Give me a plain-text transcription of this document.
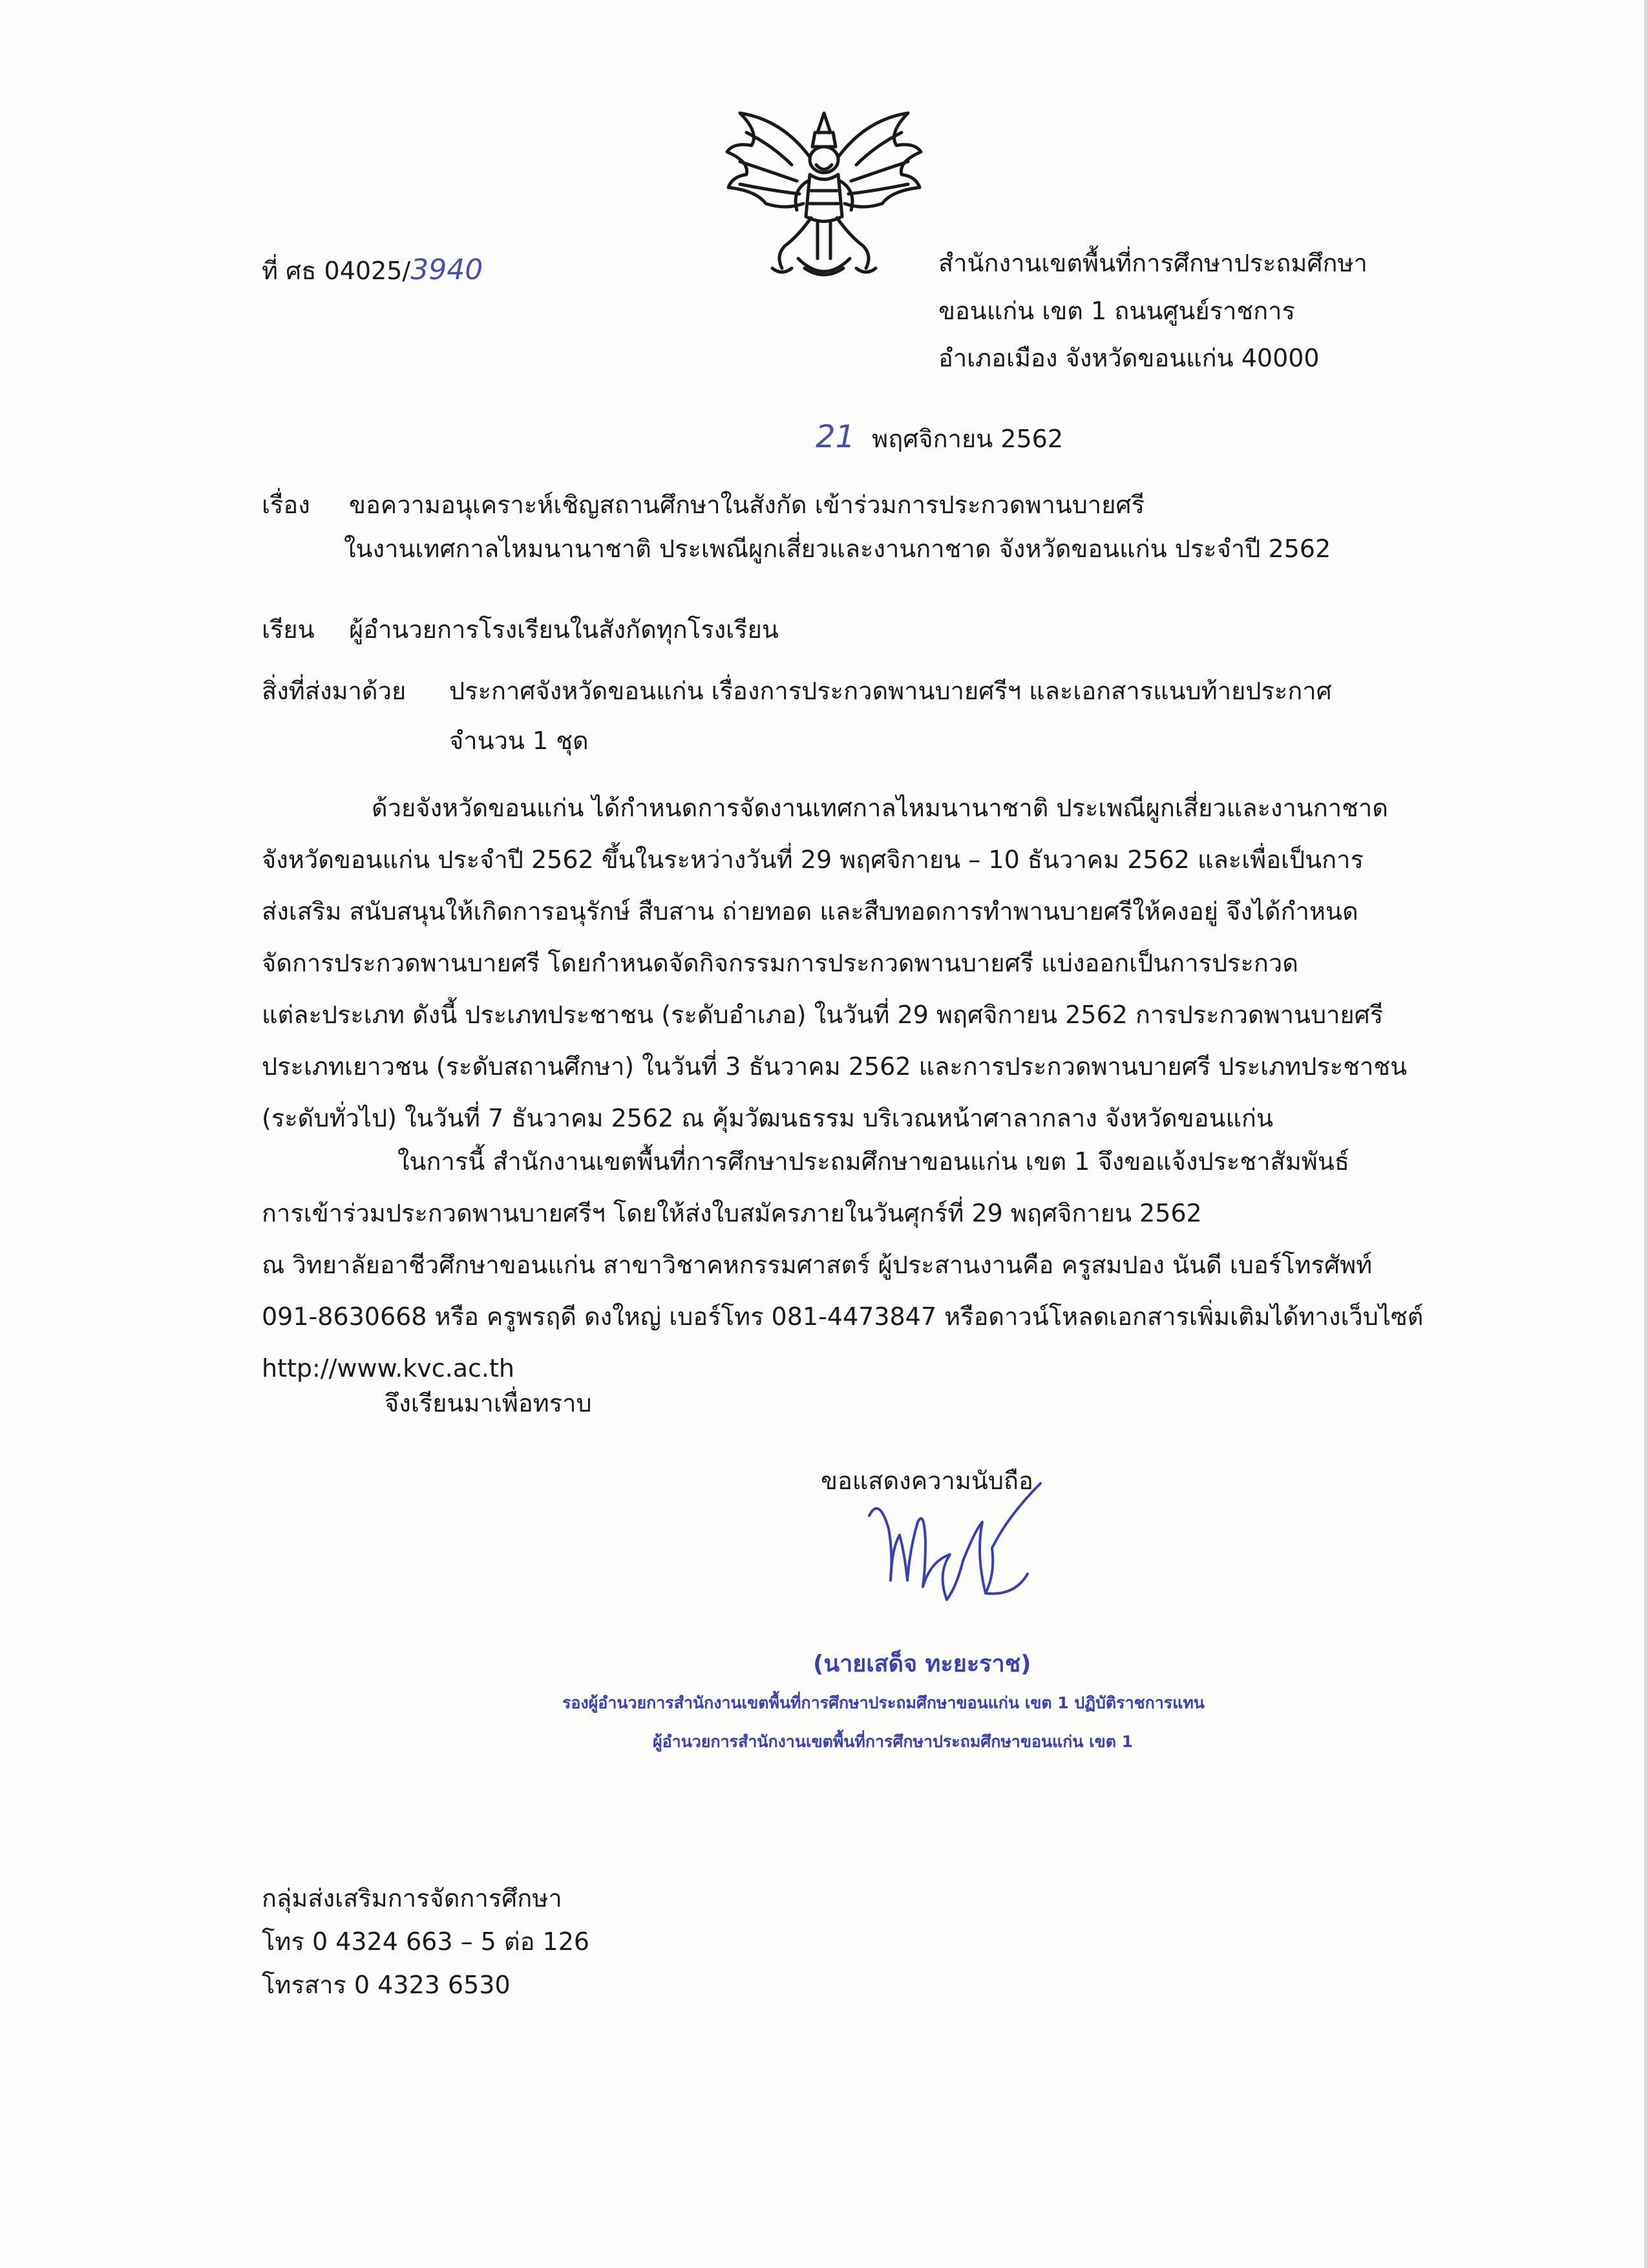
ที่ ศธ 04025/3940	สำนักงานเขตพื้นที่การศึกษาประถมศึกษา
ขอนแก่น เขต 1 ถนนศูนย์ราชการ
อำเภอเมือง จังหวัดขอนแก่น 40000
21 พฤศจิกายน 2562
เรื่อง ขอความอนุเคราะห์เชิญสถานศึกษาในสังกัด เข้าร่วมการประกวดพานบายศรี
ในงานเทศกาลไหมนานาชาติ ประเพณีผูกเสี่ยวและงานกาชาด จังหวัดขอนแก่น ประจำปี 2562
เรียน ผู้อำนวยการโรงเรียนในสังกัดทุกโรงเรียน
สิ่งที่ส่งมาด้วย ประกาศจังหวัดขอนแก่น เรื่องการประกวดพานบายศรีฯ และเอกสารแนบท้ายประกาศ
จำนวน 1 ชุด
ด้วยจังหวัดขอนแก่น ได้กำหนดการจัดงานเทศกาลไหมนานาชาติ ประเพณีผูกเสี่ยวและงานกาชาด
จังหวัดขอนแก่น ประจำปี 2562 ขึ้นในระหว่างวันที่ 29 พฤศจิกายน – 10 ธันวาคม 2562 และเพื่อเป็นการ
ส่งเสริม สนับสนุนให้เกิดการอนุรักษ์ สืบสาน ถ่ายทอด และสืบทอดการทำพานบายศรีให้คงอยู่ จึงได้กำหนด
จัดการประกวดพานบายศรี โดยกำหนดจัดกิจกรรมการประกวดพานบายศรี แบ่งออกเป็นการประกวด
แต่ละประเภท ดังนี้ ประเภทประชาชน (ระดับอำเภอ) ในวันที่ 29 พฤศจิกายน 2562 การประกวดพานบายศรี
ประเภทเยาวชน (ระดับสถานศึกษา) ในวันที่ 3 ธันวาคม 2562 และการประกวดพานบายศรี ประเภทประชาชน
(ระดับทั่วไป) ในวันที่ 7 ธันวาคม 2562 ณ คุ้มวัฒนธรรม บริเวณหน้าศาลากลาง จังหวัดขอนแก่น
ในการนี้ สำนักงานเขตพื้นที่การศึกษาประถมศึกษาขอนแก่น เขต 1 จึงขอแจ้งประชาสัมพันธ์
การเข้าร่วมประกวดพานบายศรีฯ โดยให้ส่งใบสมัครภายในวันศุกร์ที่ 29 พฤศจิกายน 2562
ณ วิทยาลัยอาชีวศึกษาขอนแก่น สาขาวิชาคหกรรมศาสตร์ ผู้ประสานงานคือ ครูสมปอง นันดี เบอร์โทรศัพท์
091-8630668 หรือ ครูพรฤดี ดงใหญ่ เบอร์โทร 081-4473847 หรือดาวน์โหลดเอกสารเพิ่มเติมได้ทางเว็บไซต์
http://www.kvc.ac.th
จึงเรียนมาเพื่อทราบ
ขอแสดงความนับถือ
(นายเสด็จ ทะยะราช)
รองผู้อำนวยการสำนักงานเขตพื้นที่การศึกษาประถมศึกษาขอนแก่น เขต 1 ปฏิบัติราชการแทน
ผู้อำนวยการสำนักงานเขตพื้นที่การศึกษาประถมศึกษาขอนแก่น เขต 1
กลุ่มส่งเสริมการจัดการศึกษา
โทร 0 4324 663 – 5 ต่อ 126
โทรสาร 0 4323 6530
